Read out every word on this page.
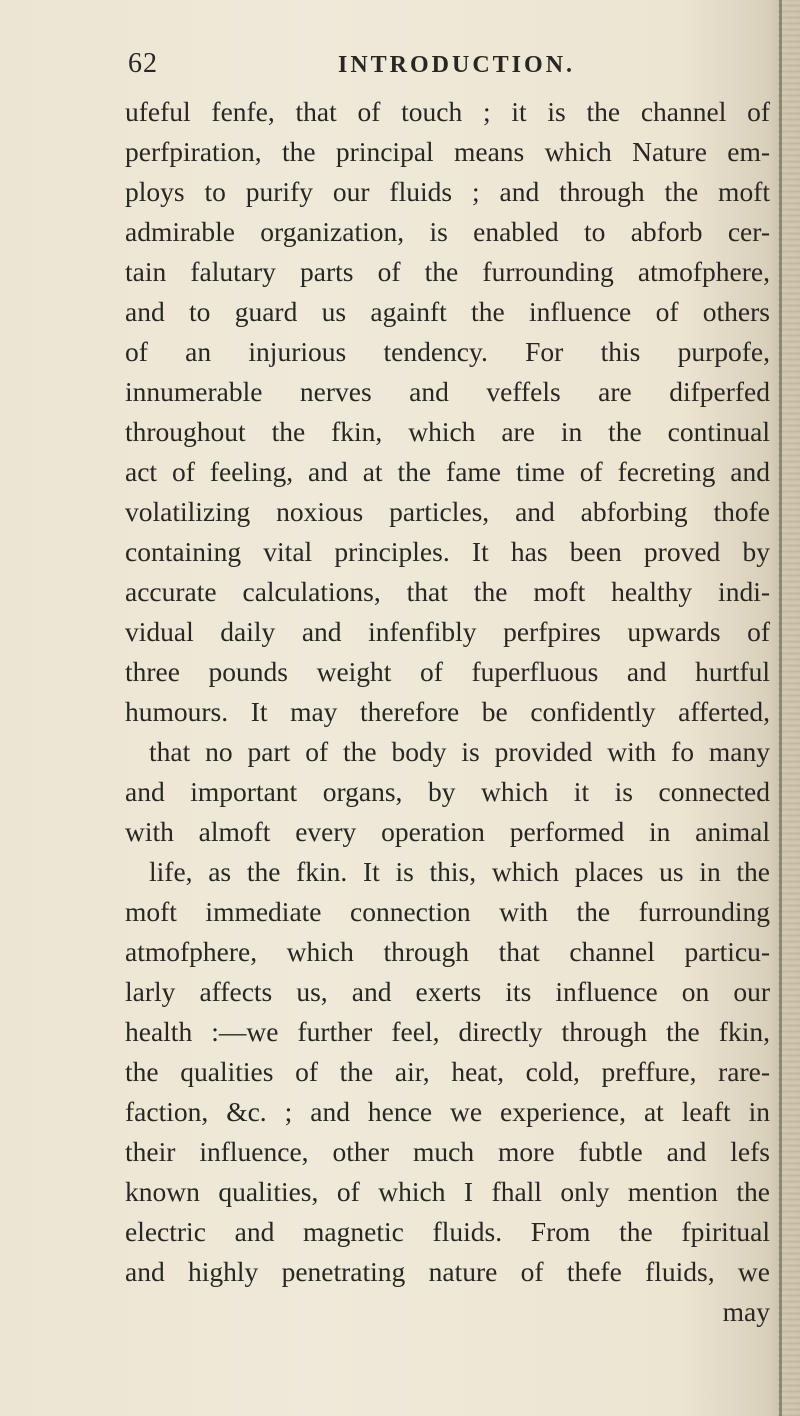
62	INTRODUCTION.
ufeful fenfe, that of touch ; it is the channel of
perfpiration, the principal means which Nature em-
ploys to purify our fluids ; and through the moft
admirable organization, is enabled to abforb cer-
tain falutary parts of the furrounding atmofphere,
and to guard us againft the influence of others
of an injurious tendency. For this purpofe,
innumerable nerves and veffels are difperfed
throughout the fkin, which are in the continual
act of feeling, and at the fame time of fecreting and
volatilizing noxious particles, and abforbing thofe
containing vital principles. It has been proved by
accurate calculations, that the moft healthy indi-
vidual daily and infenfibly perfpires upwards of
three pounds weight of fuperfluous and hurtful
humours. It may therefore be confidently afferted,
that no part of the body is provided with fo many
and important organs, by which it is connected
with almoft every operation performed in animal
life, as the fkin. It is this, which places us in the
moft immediate connection with the furrounding
atmofphere, which through that channel particu-
larly affects us, and exerts its influence on our
health :—we further feel, directly through the fkin,
the qualities of the air, heat, cold, preffure, rare-
faction, &c. ; and hence we experience, at leaft in
their influence, other much more fubtle and lefs
known qualities, of which I fhall only mention the
electric and magnetic fluids. From the fpiritual
and highly penetrating nature of thefe fluids, we
may
